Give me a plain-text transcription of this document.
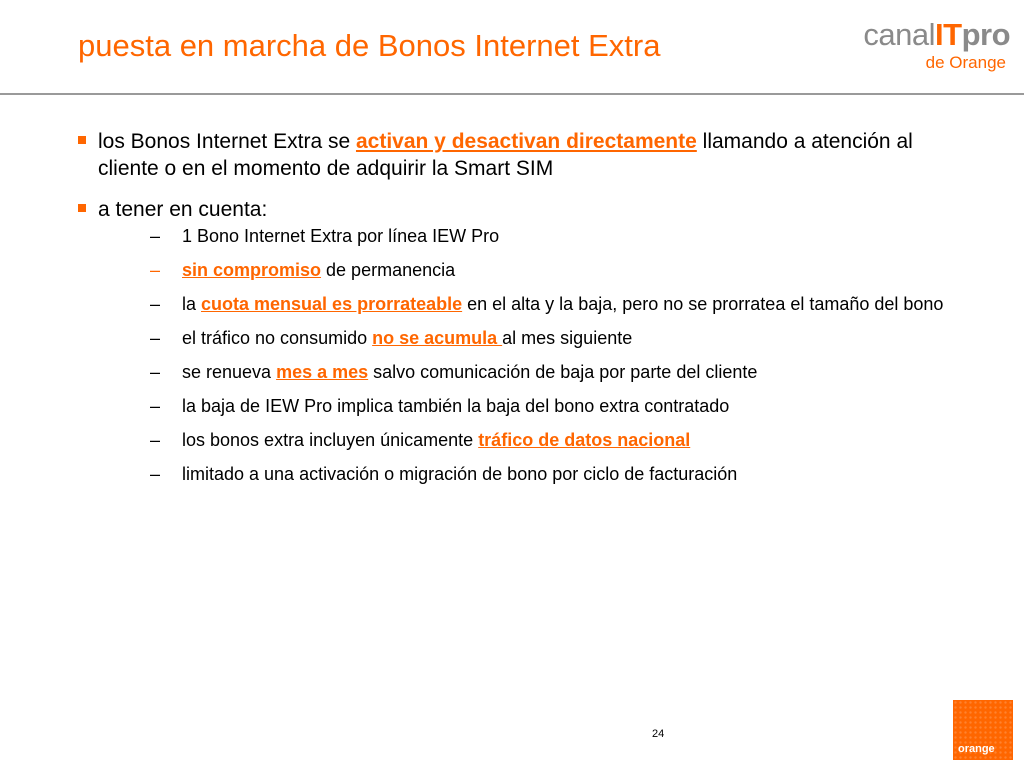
puesta en marcha de Bonos Internet Extra	canalITpro
de Orange
los Bonos Internet Extra se activan y desactivan directamente llamando a atención al cliente o en el momento de adquirir la Smart SIM
a tener en cuenta:
– 1 Bono Internet Extra por línea IEW Pro
– sin compromiso de permanencia
– la cuota mensual es prorrateable en el alta y la baja, pero no se prorratea el tamaño del bono
– el tráfico no consumido no se acumula al mes siguiente
– se renueva mes a mes salvo comunicación de baja por parte del cliente
– la baja de IEW Pro implica también la baja del bono extra contratado
– los bonos extra incluyen únicamente tráfico de datos nacional
– limitado a una activación o migración de bono por ciclo de facturación
24
orange
